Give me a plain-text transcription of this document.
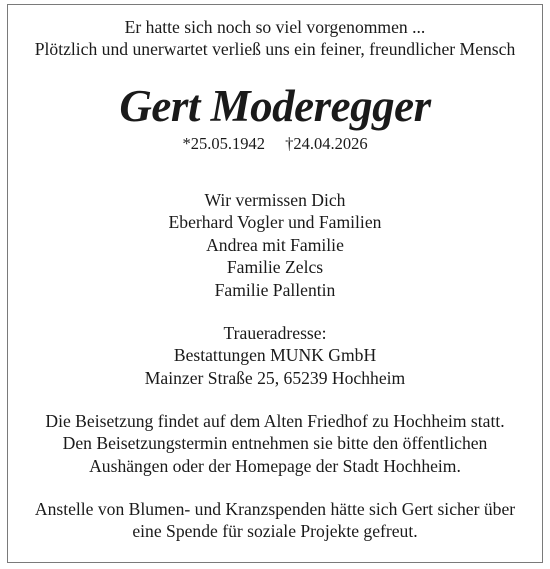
Er hatte sich noch so viel vorgenommen ...
Plötzlich und unerwartet verließ uns ein feiner, freundlicher Mensch
Gert Moderegger
*25.05.1942 †24.04.2026
Wir vermissen Dich
Eberhard Vogler und Familien
Andrea mit Familie
Familie Zelcs
Familie Pallentin
Traueradresse:
Bestattungen MUNK GmbH
Mainzer Straße 25, 65239 Hochheim
Die Beisetzung findet auf dem Alten Friedhof zu Hochheim statt.
Den Beisetzungstermin entnehmen sie bitte den öffentlichen
Aushängen oder der Homepage der Stadt Hochheim.
Anstelle von Blumen- und Kranzspenden hätte sich Gert sicher über
eine Spende für soziale Projekte gefreut.
